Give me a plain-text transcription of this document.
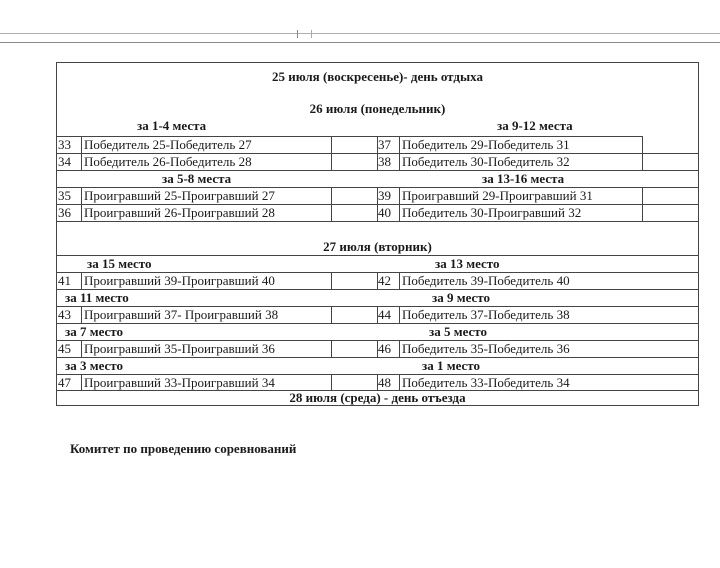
25 июля (воскресенье)- день отдыха
26 июля (понедельник)
за 1-4 места	за 9-12 места
за 5-8 места	за 13-16 места
33	Победитель 25-Победитель 27	37 Победитель 29-Победитель 31
34	Победитель 26-Победитель 28	38 Победитель 30-Победитель 32
35	Проигравший 25-Проигравший 27	39 Проигравший 29-Проигравший 31
36	Проигравший 26-Проигравший 28	40 Победитель 30-Проигравший 32
27 июля (вторник)
за 15 место	за 13 место
41	Проигравший 39-Проигравший 40	42 Победитель 39-Победитель 40
за 11 место	за 9 место
43	Проигравший 37- Проигравший 38	44 Победитель 37-Победитель 38
за 7 место	за 5 место
45	Проигравший 35-Проигравший 36	46 Победитель 35-Победитель 36
за 3 место	за 1 место
47	Проигравший 33-Проигравший 34	48 Победитель 33-Победитель 34
28 июля (среда) - день отъезда
Комитет по проведению соревнований
